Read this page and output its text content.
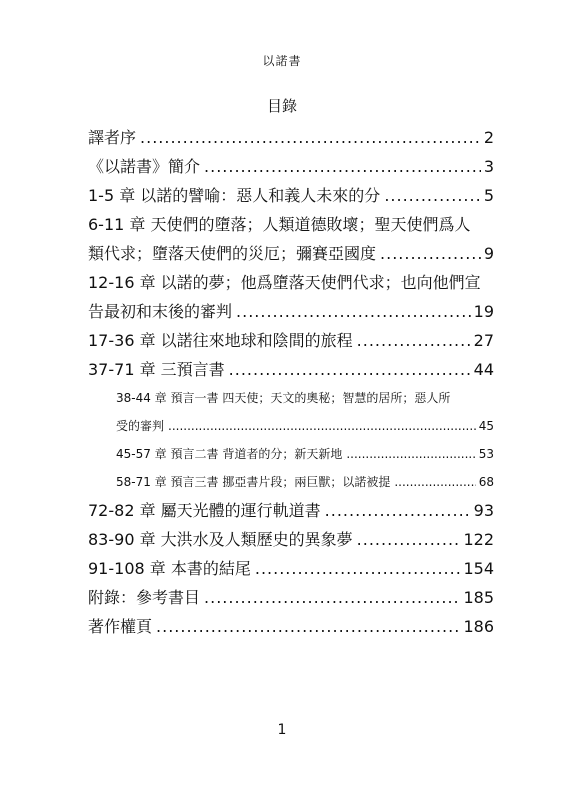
以諾書
目錄
譯者序 .....	2
《以諾書》簡介 .....	3
1-5 章 以諾的譬喻：惡人和義人未來的分 .....	5
6-11 章 天使們的墮落；人類道德敗壞；聖天使們爲人
類代求；墮落天使們的災厄；彌賽亞國度 .....	9
12-16 章 以諾的夢；他爲墮落天使們代求；也向他們宣
告最初和末後的審判 .....	19
17-36 章 以諾往來地球和陰間的旅程 .....	27
37-71 章 三預言書 .....	44
38-44 章 預言一書 四天使；天文的奧秘；智慧的居所；惡人所
受的審判 .....	45
45-57 章 預言二書 背道者的分；新天新地 .....	53
58-71 章 預言三書 挪亞書片段；兩巨獸；以諾被提 .....	68
72-82 章 屬天光體的運行軌道書 .....	93
83-90 章 大洪水及人類歷史的異象夢 .....	122
91-108 章 本書的結尾 .....	154
附錄：參考書目 .....	185
著作權頁 .....	186
1
